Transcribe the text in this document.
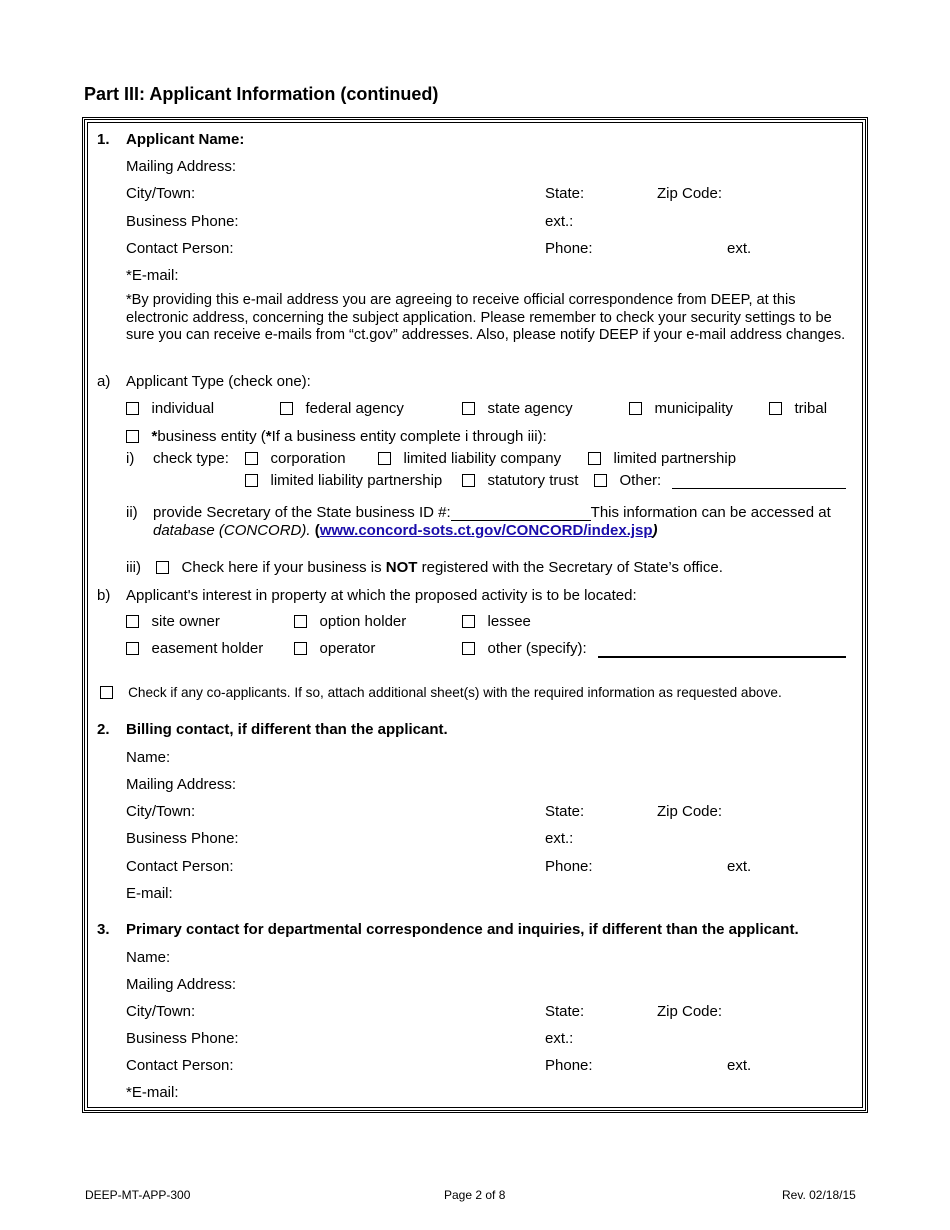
Part III: Applicant Information (continued)
1. Applicant Name:
Mailing Address:
City/Town:	State:	Zip Code:
Business Phone:	ext.:
Contact Person:	Phone:	ext.
*E-mail:
*By providing this e-mail address you are agreeing to receive official correspondence from DEEP, at this electronic address, concerning the subject application. Please remember to check your security settings to be sure you can receive e-mails from “ct.gov” addresses. Also, please notify DEEP if your e-mail address changes.
a) Applicant Type (check one):
individual	federal agency	state agency	municipality	tribal
*business entity (*If a business entity complete i through iii):
i) check type:	corporation	limited liability company	limited partnership
limited liability partnership	statutory trust	Other:
ii) provide Secretary of the State business ID #:	This information can be accessed at
database (CONCORD). (www.concord-sots.ct.gov/CONCORD/index.jsp)
iii)	Check here if your business is NOT registered with the Secretary of State’s office.
b) Applicant's interest in property at which the proposed activity is to be located:
site owner	option holder	lessee
easement holder	operator	other (specify):
Check if any co-applicants. If so, attach additional sheet(s) with the required information as requested above.
2. Billing contact, if different than the applicant.
Name:
Mailing Address:
City/Town:	State:	Zip Code:
Business Phone:	ext.:
Contact Person:	Phone:	ext.
E-mail:
3. Primary contact for departmental correspondence and inquiries, if different than the applicant.
Name:
Mailing Address:
City/Town:	State:	Zip Code:
Business Phone:	ext.:
Contact Person:	Phone:	ext.
*E-mail:
DEEP-MT-APP-300	Page 2 of 8	Rev. 02/18/15
